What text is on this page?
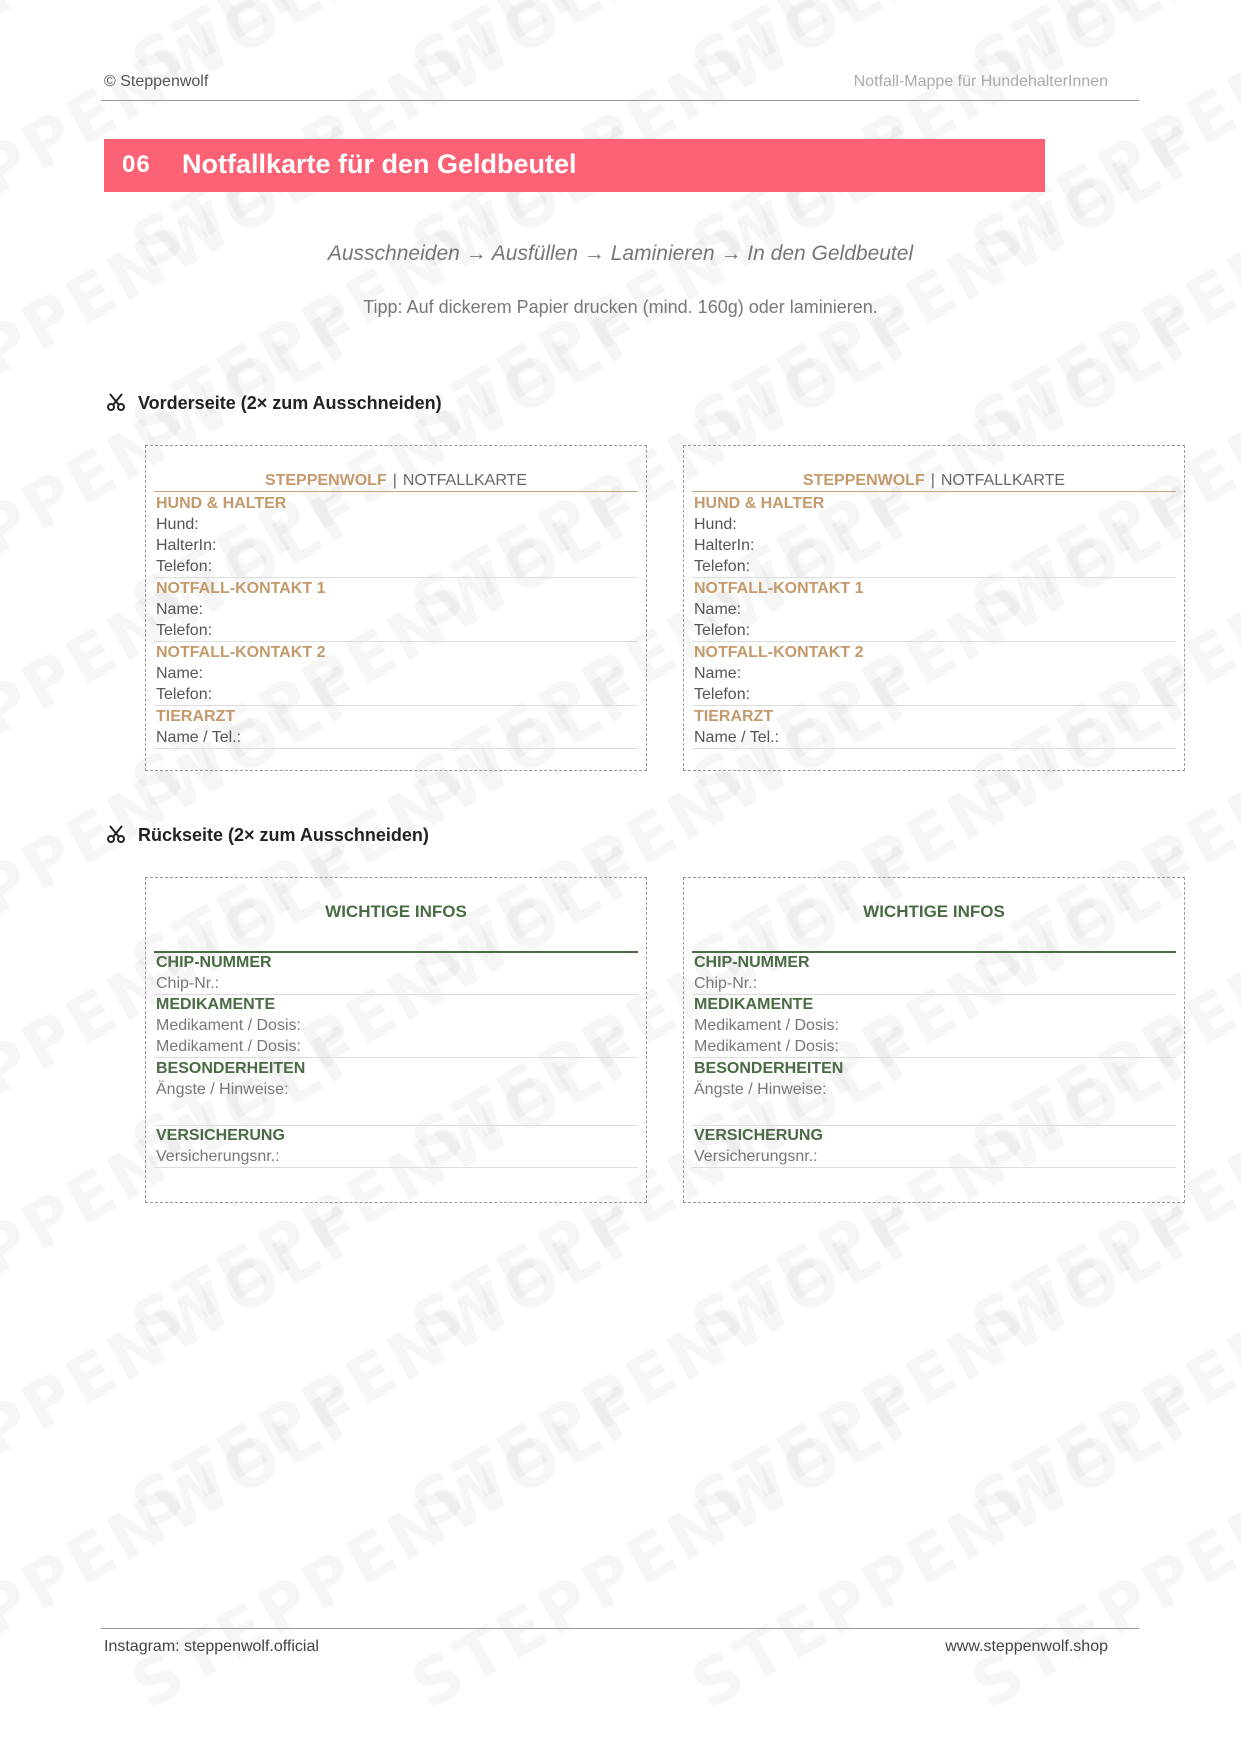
© Steppenwolf	Notfall-Mappe für HundehalterInnen
06 Notfallkarte für den Geldbeutel
Ausschneiden → Ausfüllen → Laminieren → In den Geldbeutel
Tipp: Auf dickerem Papier drucken (mind. 160g) oder laminieren.
Vorderseite (2× zum Ausschneiden)
STEPPENWOLF | NOTFALLKARTE
HUND & HALTER
Hund:
HalterIn:
Telefon:
NOTFALL-KONTAKT 1
Name:
Telefon:
NOTFALL-KONTAKT 2
Name:
Telefon:
TIERARZT
Name / Tel.:
STEPPENWOLF | NOTFALLKARTE
HUND & HALTER
Hund:
HalterIn:
Telefon:
NOTFALL-KONTAKT 1
Name:
Telefon:
NOTFALL-KONTAKT 2
Name:
Telefon:
TIERARZT
Name / Tel.:
Rückseite (2× zum Ausschneiden)
WICHTIGE INFOS
CHIP-NUMMER
Chip-Nr.:
MEDIKAMENTE
Medikament / Dosis:
Medikament / Dosis:
BESONDERHEITEN
Ängste / Hinweise:
VERSICHERUNG
Versicherungsnr.:
WICHTIGE INFOS
CHIP-NUMMER
Chip-Nr.:
MEDIKAMENTE
Medikament / Dosis:
Medikament / Dosis:
BESONDERHEITEN
Ängste / Hinweise:
VERSICHERUNG
Versicherungsnr.:
Instagram: steppenwolf.official	www.steppenwolf.shop
